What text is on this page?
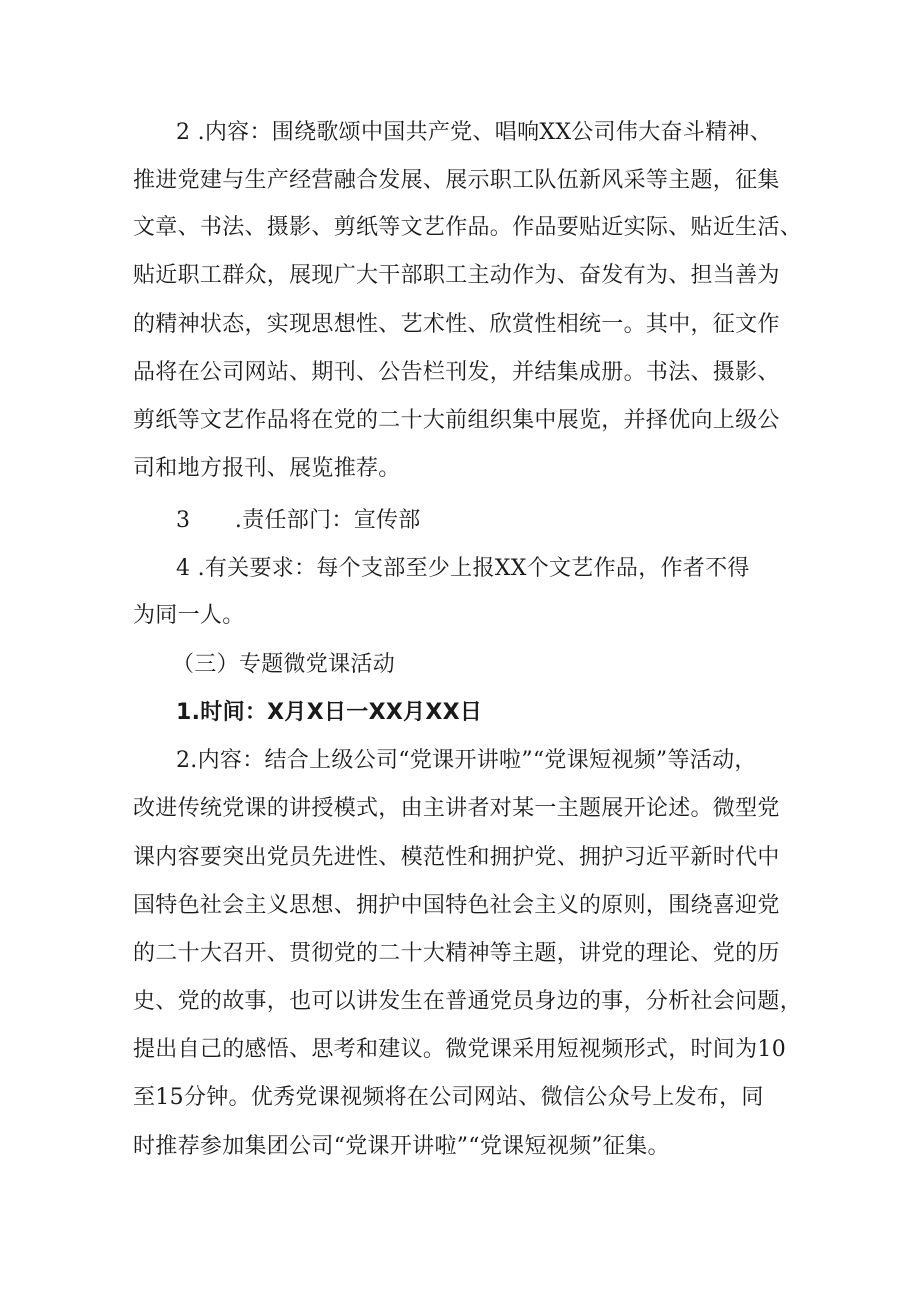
2 .内容：围绕歌颂中国共产党、唱响XX公司伟大奋斗精神、
推进党建与生产经营融合发展、展示职工队伍新风采等主题，征集
文章、书法、摄影、剪纸等文艺作品。作品要贴近实际、贴近生活、
贴近职工群众，展现广大干部职工主动作为、奋发有为、担当善为
的精神状态，实现思想性、艺术性、欣赏性相统一。其中，征文作
品将在公司网站、期刊、公告栏刊发，并结集成册。书法、摄影、
剪纸等文艺作品将在党的二十大前组织集中展览，并择优向上级公
司和地方报刊、展览推荐。
3　　.责任部门：宣传部
4 .有关要求：每个支部至少上报XX个文艺作品，作者不得
为同一人。
（三）专题微党课活动
1.时间：X月X日一XX月XX日
2.内容：结合上级公司“党课开讲啦”“党课短视频”等活动，
改进传统党课的讲授模式，由主讲者对某一主题展开论述。微型党
课内容要突出党员先进性、模范性和拥护党、拥护习近平新时代中
国特色社会主义思想、拥护中国特色社会主义的原则，围绕喜迎党
的二十大召开、贯彻党的二十大精神等主题，讲党的理论、党的历
史、党的故事，也可以讲发生在普通党员身边的事，分析社会问题，
提出自己的感悟、思考和建议。微党课采用短视频形式，时间为10
至15分钟。优秀党课视频将在公司网站、微信公众号上发布，同
时推荐参加集团公司“党课开讲啦”“党课短视频”征集。
